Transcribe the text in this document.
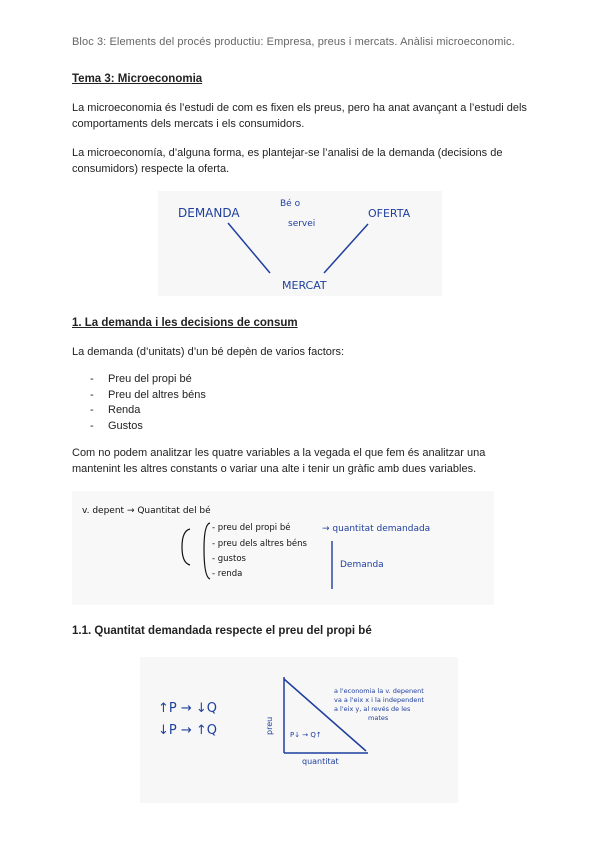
Bloc 3: Elements del procés productiu: Empresa, preus i mercats. Anàlisi microeconomic.
Tema 3: Microeconomia
La microeconomia és l’estudi de com es fixen els preus, pero ha anat avançant a l’estudi dels comportaments dels mercats i els consumidors.
La microeconomía, d’alguna forma, es plantejar-se l’analisi de la demanda (decisions de consumidors) respecte la oferta.
DEMANDA
Bé o
servei
OFERTA
MERCAT
1. La demanda i les decisions de consum
La demanda (d’unitats) d’un bé depèn de varios factors:
- Preu del propi bé
- Preu del altres béns
- Renda
- Gustos
Com no podem analitzar les quatre variables a la vegada el que fem és analitzar una mantenint les altres constants o variar una alte i tenir un gràfic amb dues variables.
v. depent → Quantitat del bé
- preu del propi bé
- preu dels altres béns
- gustos
- renda
→ quantitat demandada
Demanda
1.1. Quantitat demandada respecte el preu del propi bé
↑P → ↓Q
↓P → ↑Q	preu
quantitat
P↓ → Q↑
a l'economia la v. depenent
va a l'eix x i la independent
a l'eix y, al revés de les
mates
